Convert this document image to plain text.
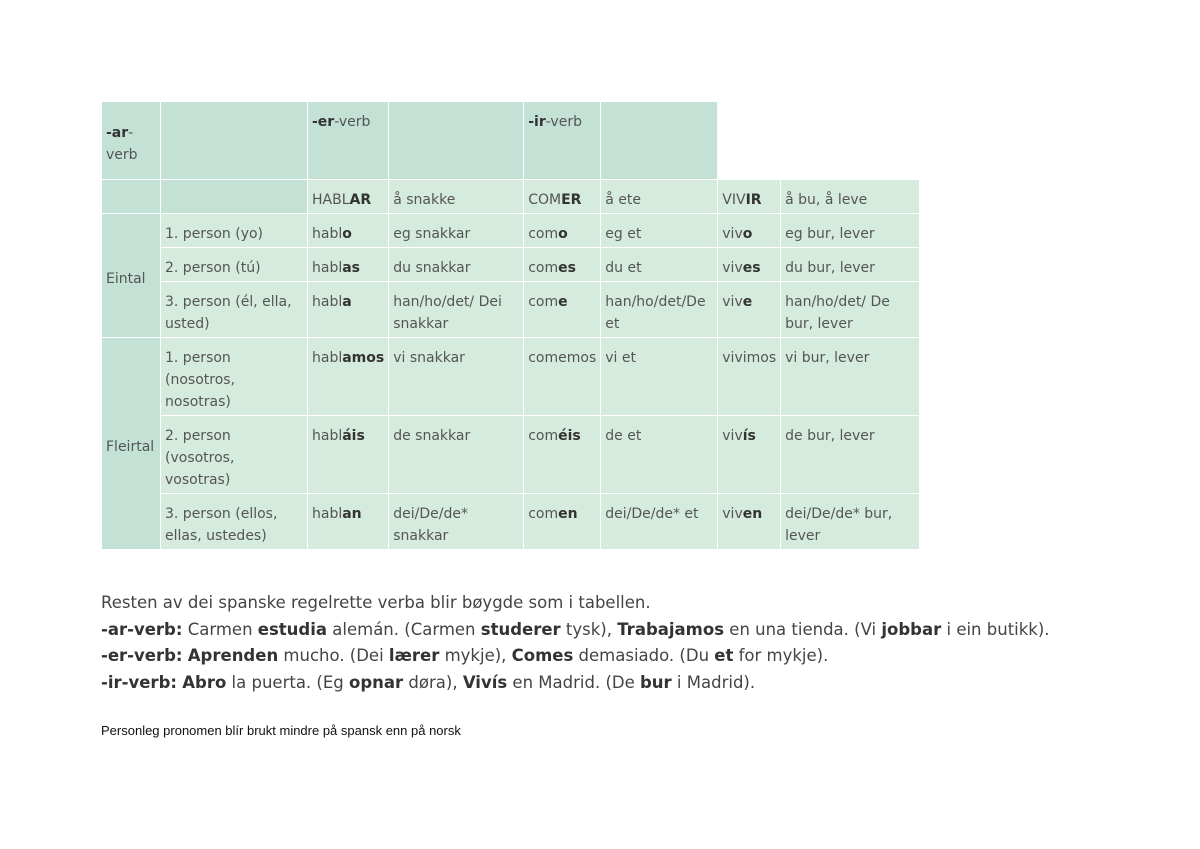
-ar-verb		-er-verb		-ir-verb			
		HABLAR	å snakke	COMER	å ete	VIVIR	å bu, å leve
Eintal	1. person (yo)	hablo	eg snakkar	como	eg et	vivo	eg bur, lever
	2. person (tú)	hablas	du snakkar	comes	du et	vives	du bur, lever
	3. person (él, ella, usted)	habla	han/ho/det/ Dei snakkar	come	han/ho/det/De et	vive	han/ho/det/ De bur, lever
Fleirtal	1. person (nosotros, nosotras)	hablamos	vi snakkar	comemos	vi et	vivimos	vi bur, lever
	2. person (vosotros, vosotras)	habláis	de snakkar	coméis	de et	vivís	de bur, lever
	3. person (ellos, ellas, ustedes)	hablan	dei/De/de* snakkar	comen	dei/De/de* et	viven	dei/De/de* bur, lever
Resten av dei spanske regelrette verba blir bøygde som i tabellen.
-ar-verb: Carmen estudia alemán. (Carmen studerer tysk), Trabajamos en una tienda. (Vi jobbar i ein butikk).
-er-verb: Aprenden mucho. (Dei lærer mykje), Comes demasiado. (Du et for mykje).
-ir-verb: Abro la puerta. (Eg opnar døra), Vivís en Madrid. (De bur i Madrid).
Personleg pronomen blír brukt mindre på spansk enn på norsk
